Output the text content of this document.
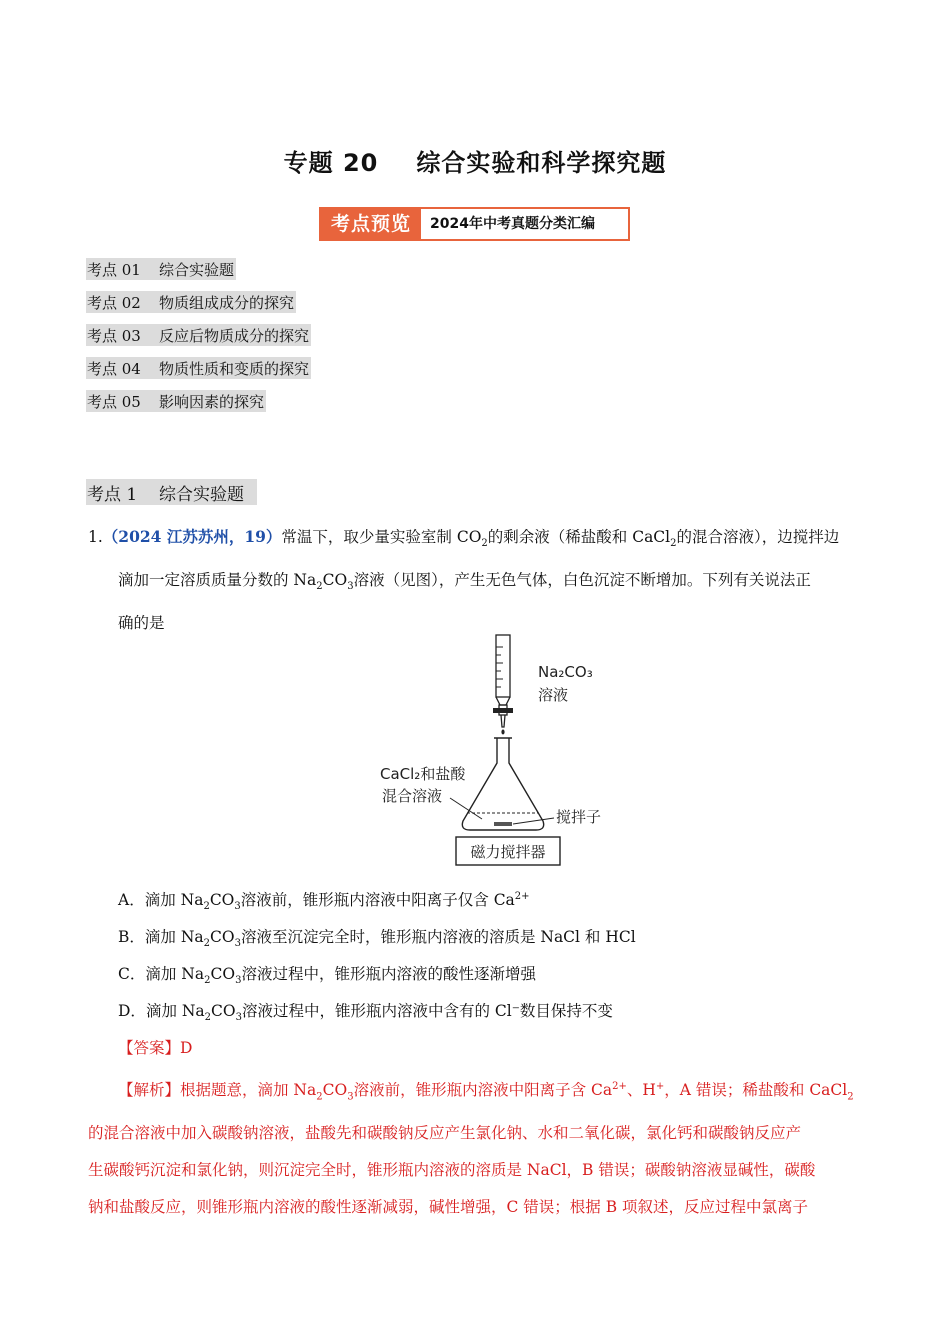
专题 20 综合实验和科学探究题
考点预览	2024年中考真题分类汇编
考点 01	综合实验题
考点 02	物质组成成分的探究
考点 03	反应后物质成分的探究
考点 04	物质性质和变质的探究
考点 05	影响因素的探究
考点 1	综合实验题
1.（2024 江苏苏州，19）常温下，取少量实验室制 $CO_2$的剩余液（稀盐酸和 CaCl$_2$的混合溶液），边搅拌边
滴加一定溶质质量分数的 $Na_2CO_3$溶液（见图），产生无色气体，白色沉淀不断增加。下列有关说法正
确的是
磁力搅拌器
Na₂CO₃
溶液
CaCl₂和盐酸
混合溶液
搅拌子
A．滴加 $Na_2CO_3$溶液前，锥形瓶内溶液中阳离子仅含 $Ca^{2+}$
B．滴加 $Na_2CO_3$溶液至沉淀完全时，锥形瓶内溶液的溶质是 NaCl 和 HCl
C．滴加 $Na_2CO_3$溶液过程中，锥形瓶内溶液的酸性逐渐增强
D．滴加 $Na_2CO_3$溶液过程中，锥形瓶内溶液中含有的 Cl⁻数目保持不变
【答案】D
【解析】根据题意，滴加 $Na_2CO_3$溶液前，锥形瓶内溶液中阳离子含 $Ca^{2+}$、H+，A 错误；稀盐酸和 CaCl$_2$
的混合溶液中加入碳酸钠溶液，盐酸先和碳酸钠反应产生氯化钠、水和二氧化碳，氯化钙和碳酸钠反应产
生碳酸钙沉淀和氯化钠，则沉淀完全时，锥形瓶内溶液的溶质是 NaCl，B 错误；碳酸钠溶液显碱性，碳酸
钠和盐酸反应，则锥形瓶内溶液的酸性逐渐减弱，碱性增强，C 错误；根据 B 项叙述，反应过程中氯离子
